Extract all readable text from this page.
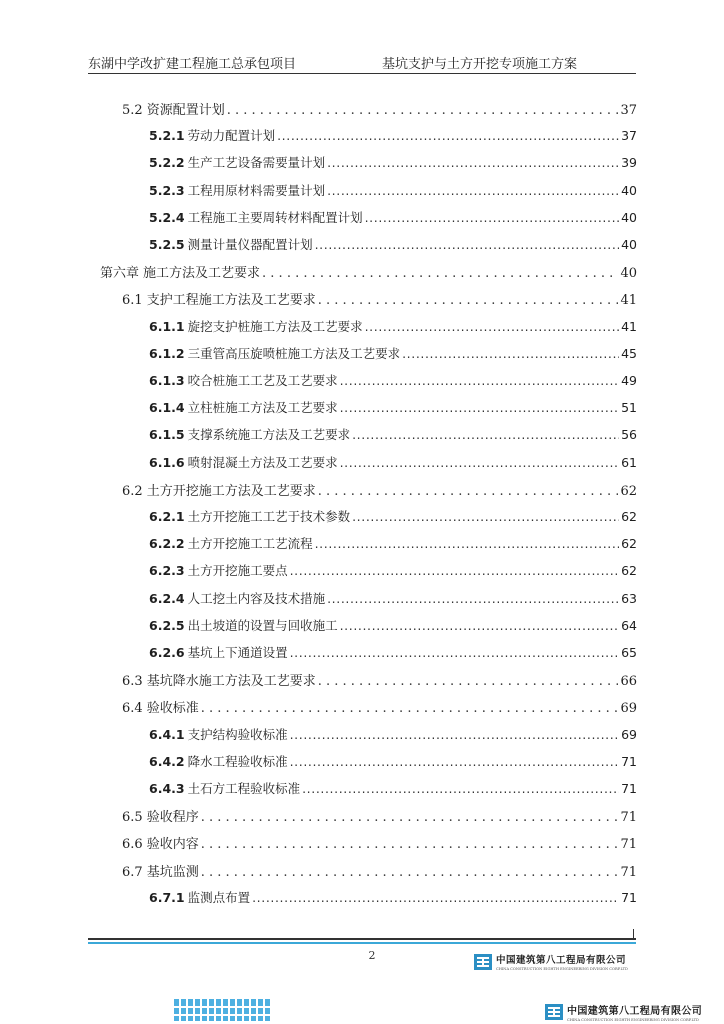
东湖中学改扩建工程施工总承包项目	基坑支护与土方开挖专项施工方案
5.2 资源配置计划 . . .	37
5.2.1 劳动力配置计划 .....	37
5.2.2 生产工艺设备需要量计划 .....	39
5.2.3 工程用原材料需要量计划 .....	40
5.2.4 工程施工主要周转材料配置计划 .....	40
5.2.5 测量计量仪器配置计划 .....	40
第六章 施工方法及工艺要求 . . .	40
6.1 支护工程施工方法及工艺要求 . . .	41
6.1.1 旋挖支护桩施工方法及工艺要求 .....	41
6.1.2 三重管高压旋喷桩施工方法及工艺要求 .....	45
6.1.3 咬合桩施工工艺及工艺要求 .....	49
6.1.4 立柱桩施工方法及工艺要求 .....	51
6.1.5 支撑系统施工方法及工艺要求 .....	56
6.1.6 喷射混凝土方法及工艺要求 .....	61
6.2 土方开挖施工方法及工艺要求 . . .	62
6.2.1 土方开挖施工工艺于技术参数 .....	62
6.2.2 土方开挖施工工艺流程 .....	62
6.2.3 土方开挖施工要点 .....	62
6.2.4 人工挖土内容及技术措施 .....	63
6.2.5 出土坡道的设置与回收施工 .....	64
6.2.6 基坑上下通道设置 .....	65
6.3 基坑降水施工方法及工艺要求 . . .	66
6.4 验收标准 . . .	69
6.4.1 支护结构验收标准 .....	69
6.4.2 降水工程验收标准 .....	71
6.4.3 土石方工程验收标准 .....	71
6.5 验收程序 . . .	71
6.6 验收内容 . . .	71
6.7 基坑监测 . . .	71
6.7.1 监测点布置 .....	71
2	中国建筑第八工程局有限公司
CHINA CONSTRUCTION EIGHTH ENGINEERING DIVISION CORP.LTD
中国建筑第八工程局有限公司
CHINA CONSTRUCTION EIGHTH ENGINEERING DIVISION CORP.LTD
